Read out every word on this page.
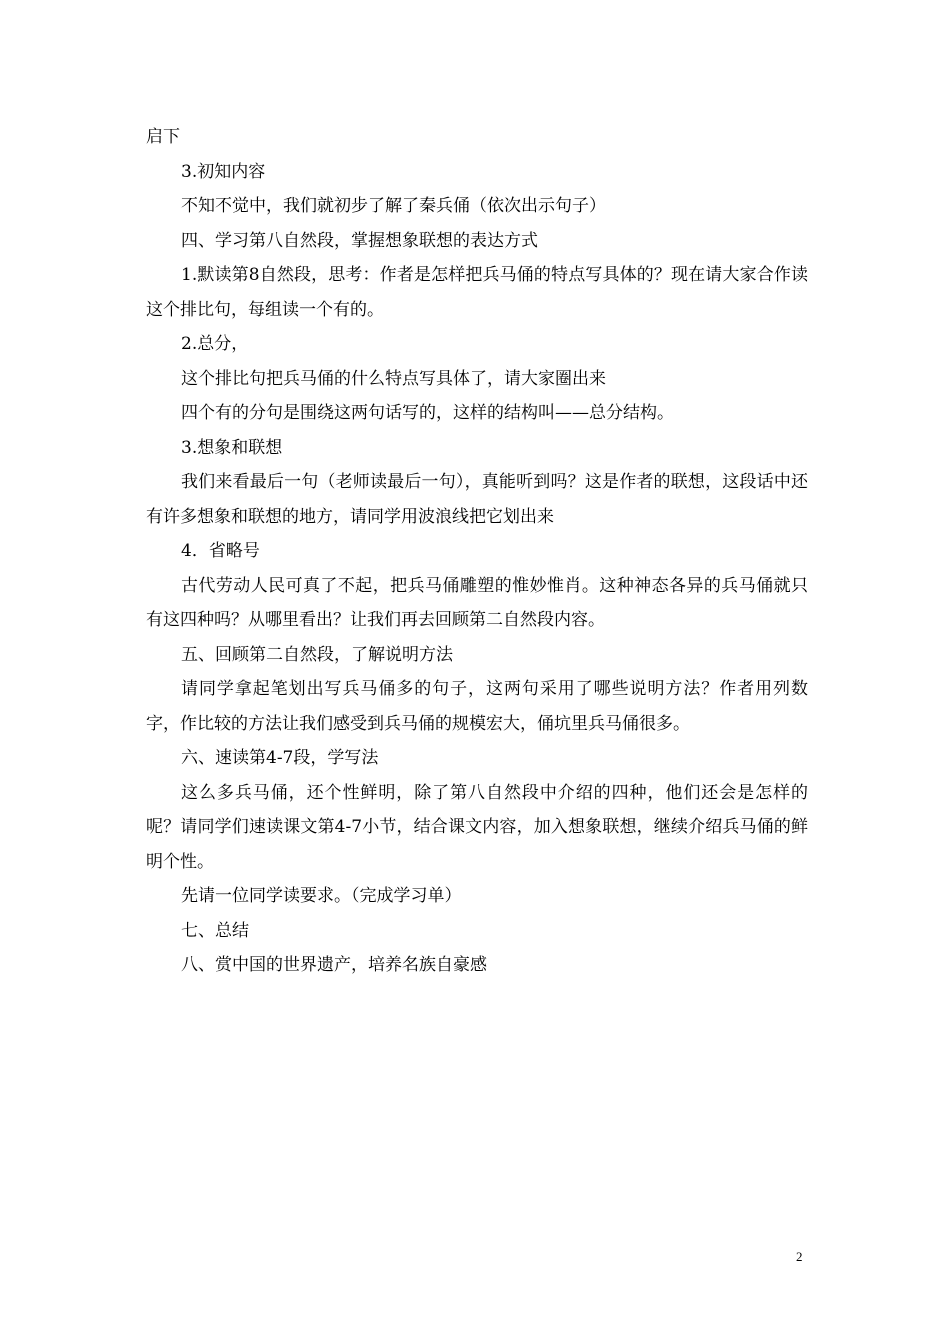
启下

3.初知内容

不知不觉中，我们就初步了解了秦兵俑（依次出示句子）

四、学习第八自然段，掌握想象联想的表达方式

1.默读第8自然段，思考：作者是怎样把兵马俑的特点写具体的？现在请大家合作读这个排比句，每组读一个有的。

2.总分，

这个排比句把兵马俑的什么特点写具体了，请大家圈出来

四个有的分句是围绕这两句话写的，这样的结构叫——总分结构。

3.想象和联想

我们来看最后一句（老师读最后一句），真能听到吗？这是作者的联想，这段话中还有许多想象和联想的地方，请同学用波浪线把它划出来

4．省略号

古代劳动人民可真了不起，把兵马俑雕塑的惟妙惟肖。这种神态各异的兵马俑就只有这四种吗？从哪里看出？让我们再去回顾第二自然段内容。

五、回顾第二自然段，了解说明方法

请同学拿起笔划出写兵马俑多的句子，这两句采用了哪些说明方法？作者用列数字，作比较的方法让我们感受到兵马俑的规模宏大，俑坑里兵马俑很多。

六、速读第4-7段，学写法

这么多兵马俑，还个性鲜明，除了第八自然段中介绍的四种，他们还会是怎样的呢？请同学们速读课文第4-7小节，结合课文内容，加入想象联想，继续介绍兵马俑的鲜明个性。

先请一位同学读要求。（完成学习单）

七、总结

八、赏中国的世界遗产，培养名族自豪感

2
